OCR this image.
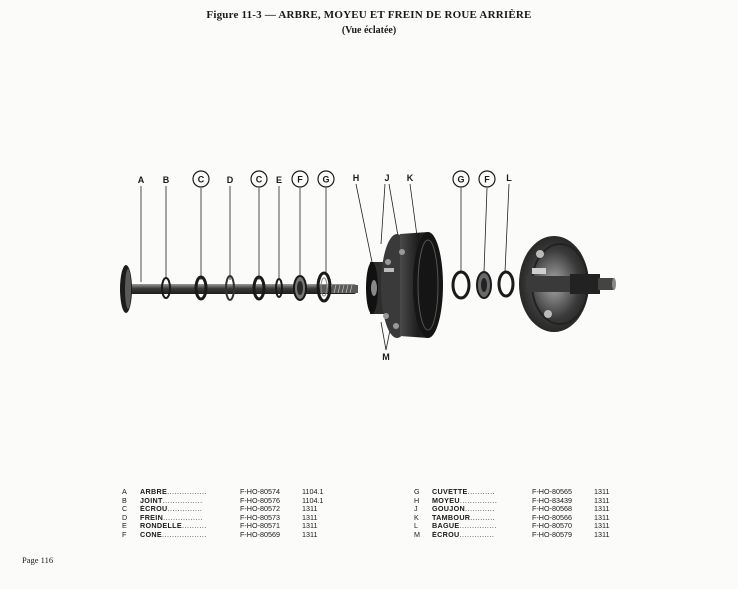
Figure 11-3 — ARBRE, MOYEU ET FREIN DE ROUE ARRIÈRE
(Vue éclatée)
A B	C	D	C E F G	H	J K	G F L
M
A	ARBRE................	F-HO-80574	1104.1
B	JOINT................	F-HO-80576	1104.1
C	ÉCROU..............	F-HO-80572	1311
D	FREIN................	F-HO-80573	1311
E	RONDELLE..........	F-HO-80571	1311
F	CONE..................	F-HO-80569	1311
G	CUVETTE...........	F-HO-80565	1311
H	MOYEU...............	F-HO-83439	1311
J	GOUJON............	F-HO-80568	1311
K	TAMBOUR..........	F-HO-80566	1311
L	BAGUE...............	F-HO-80570	1311
M	ÉCROU..............	F-HO-80579	1311
Page 116
